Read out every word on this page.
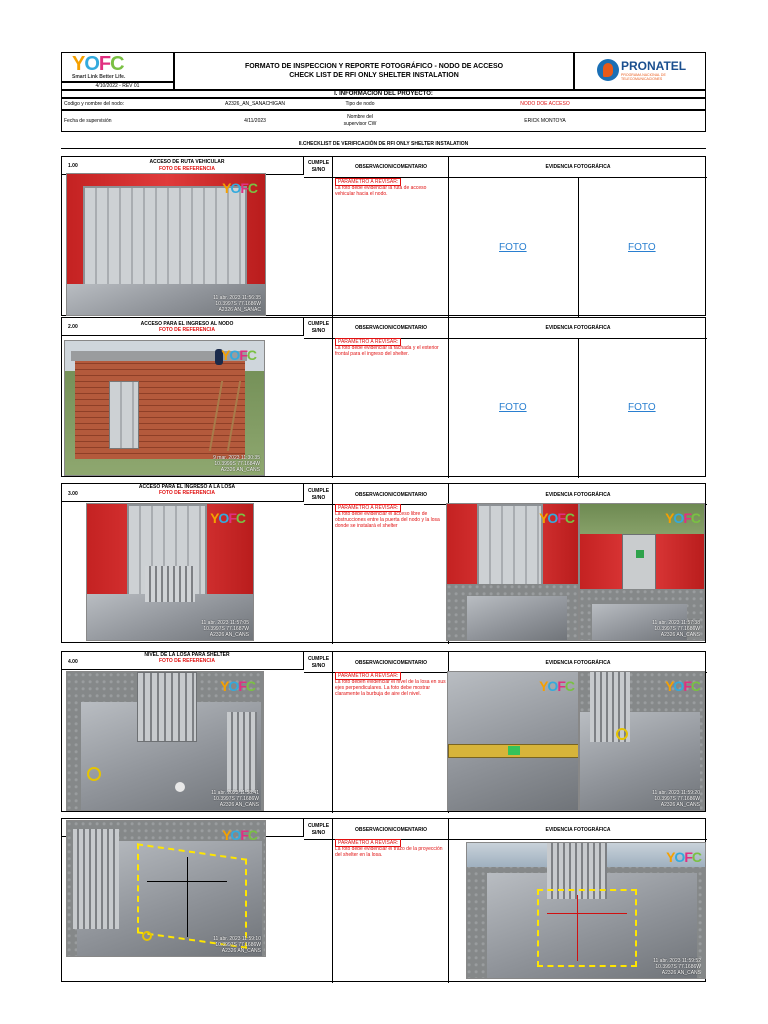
YOFC
Smart Link Better Life.
4/10/2022 - REV 01
FORMATO DE INSPECCION Y REPORTE FOTOGRÁFICO - NODO DE ACCESO
CHECK LIST DE RFI ONLY SHELTER INSTALATION
PRONATEL
PROGRAMA NACIONAL DE TELECOMUNICACIONES
I. INFORMACION DEL PROYECTO:
Codigo y nombre del nodo:	A2326_AN_SANACHIGAN	Tipo de nodo	NODO DOE ACCESO
Fecha de supervisión	4/11/2023
Nombre del
supervisor CW	ERICK MONTOYA
II.CHECKLIST DE VERIFICACIÓN DE RFI ONLY SHELTER INSTALATION
1.00
ACCESO DE RUTA VEHICULAR
FOTO DE REFERENCIA
CUMPLE
SI/NO	OBSERVACION/COMENTARIO
PARAMETRO A REVISAR:
La foto debe evidenciar la ruta de acceso vehicular hacia el nodo.
EVIDENCIA FOTOGRÁFICA
FOTO	FOTO
YOFC
11 abr. 2023 11:56:35
10.3997S 77.1686W
A2326 AN_SANAC
2.00	ACCESO PARA EL INGRESO AL NODO
FOTO DE REFERENCIA
CUMPLE
SI/NO	OBSERVACION/COMENTARIO
PARAMETRO A REVISAR:
La foto debe evidenciar la fachada y el exterior frontal para el ingreso del shelter.
EVIDENCIA FOTOGRÁFICA
FOTO	FOTO
YOFC
9 mar. 2023 11:30:35
10.3999S 77.1684W
A2326 AN_CANS
3.00
ACCESO PARA EL INGRESO A LA LOSA
FOTO DE REFERENCIA	CUMPLE
SI/NO	OBSERVACION/COMENTARIO
PARAMETRO A REVISAR:
La foto debe evidenciar el acceso libre de obstrucciones entre la puerta del nodo y la losa donde se instalará el shelter
EVIDENCIA FOTOGRÁFICA
YOFC
11 abr. 2023 11:57:05
10.3997S 77.1687W
A2326 AN_CANS
YOFC	YOFC
11 abr. 2023 11:57:38
10.3997S 77.1686W
A2326 AN_CANS
4.00
NIVEL DE LA LOSA PARA SHELTER
FOTO DE REFERENCIA	CUMPLE
SI/NO	OBSERVACION/COMENTARIO
PARAMETRO A REVISAR:
La foto deben evidenciar el nivel de la losa en sus ejes perpendiculares. La foto debe mostrar claramente la burbuja de aire del nivel.
EVIDENCIA FOTOGRÁFICA
YOFC
11 abr. 2023 11:58:41
10.3997S 77.1686W
A2326 AN_CANS
YOFC	YOFC
11 abr. 2023 11:59:20
10.3997S 77.1686W
A2326 AN_CANS
CUMPLE
SI/NO	OBSERVACION/COMENTARIO
PARAMETRO A REVISAR:
La foto debe evidenciar el trazo de la proyección del shelter en la losa.
EVIDENCIA FOTOGRÁFICA
YOFC
11 abr. 2023 11:59:10
10.3997S 77.1686W
A2326 AN_CANS
YOFC
11 abr. 2023 11:59:52
10.3997S 77.1686W
A2326 AN_CANS
